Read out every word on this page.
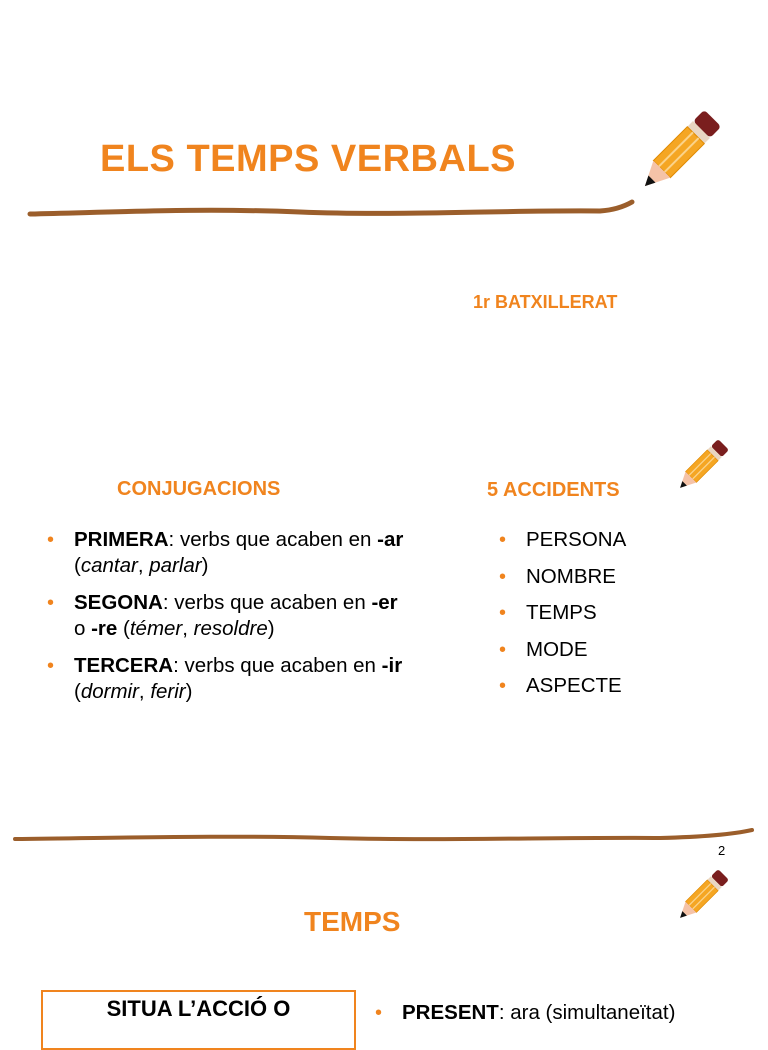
ELS TEMPS VERBALS
1r BATXILLERAT
CONJUGACIONS	5 ACCIDENTS
• PRIMERA: verbs que acaben en -ar (cantar, parlar)
• SEGONA: verbs que acaben en -er o -re (témer, resoldre)
• TERCERA: verbs que acaben en -ir (dormir, ferir)
• PERSONA
• NOMBRE
• TEMPS
• MODE
• ASPECTE
2
TEMPS
SITUA L’ACCIÓ O
•	PRESENT: ara (simultaneïtat)
